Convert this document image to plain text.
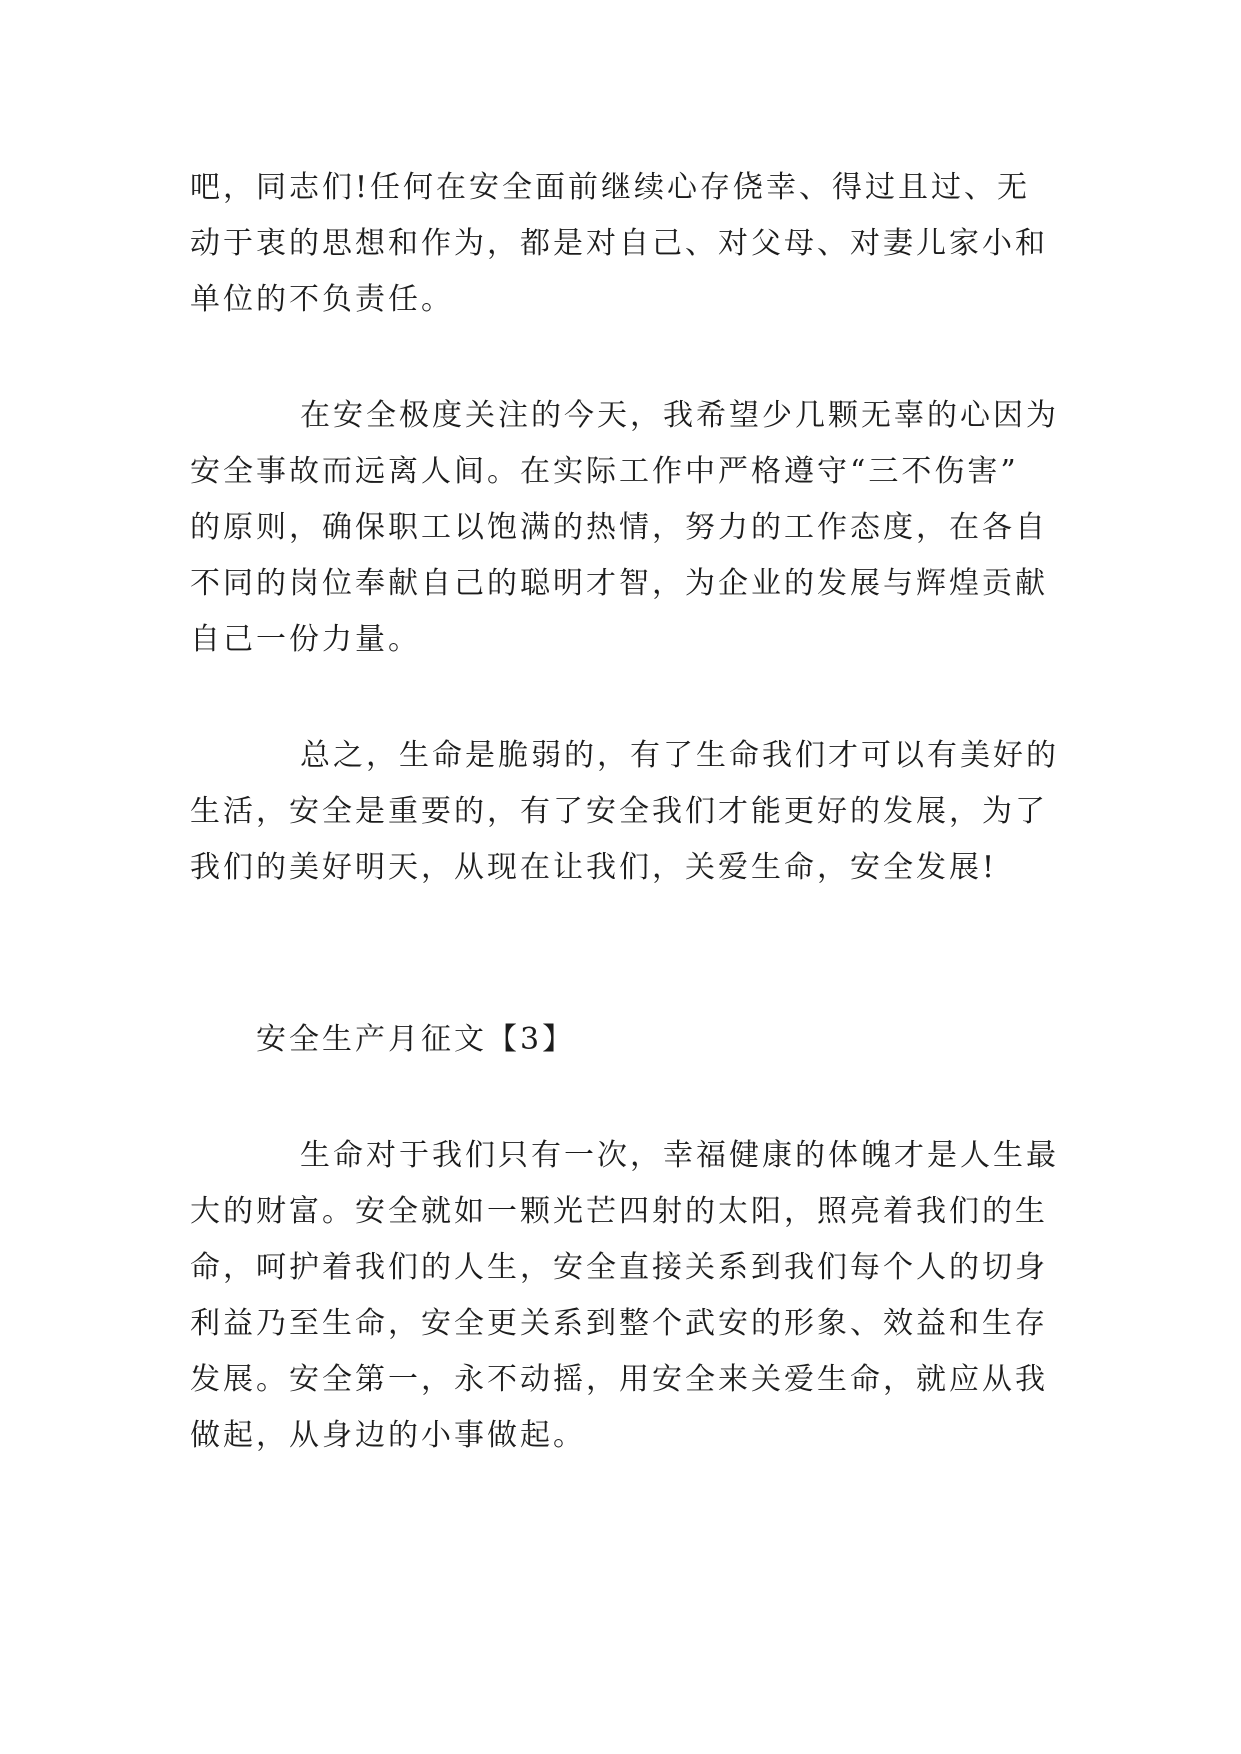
吧，同志们!任何在安全面前继续心存侥幸、得过且过、无
动于衷的思想和作为，都是对自己、对父母、对妻儿家小和
单位的不负责任。
在安全极度关注的今天，我希望少几颗无辜的心因为
安全事故而远离人间。在实际工作中严格遵守“三不伤害”
的原则，确保职工以饱满的热情，努力的工作态度，在各自
不同的岗位奉献自己的聪明才智，为企业的发展与辉煌贡献
自己一份力量。
总之，生命是脆弱的，有了生命我们才可以有美好的
生活，安全是重要的，有了安全我们才能更好的发展，为了
我们的美好明天，从现在让我们，关爱生命，安全发展!
安全生产月征文【3】
生命对于我们只有一次，幸福健康的体魄才是人生最
大的财富。安全就如一颗光芒四射的太阳，照亮着我们的生
命，呵护着我们的人生，安全直接关系到我们每个人的切身
利益乃至生命，安全更关系到整个武安的形象、效益和生存
发展。安全第一，永不动摇，用安全来关爱生命，就应从我
做起，从身边的小事做起。
